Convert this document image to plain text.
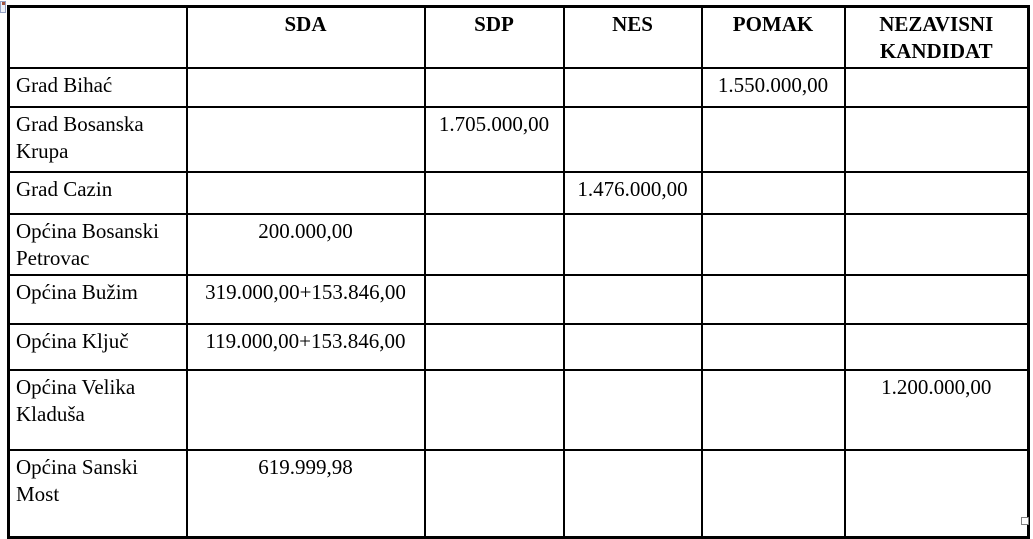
	SDA	SDP	NES	POMAK	NEZAVISNI KANDIDAT
Grad Bihać				1.550.000,00	
Grad Bosanska Krupa		1.705.000,00			
Grad Cazin			1.476.000,00		
Općina Bosanski Petrovac	200.000,00				
Općina Bužim	319.000,00+153.846,00				
Općina Ključ	119.000,00+153.846,00				
Općina Velika Kladuša					1.200.000,00
Općina Sanski Most	619.999,98				
